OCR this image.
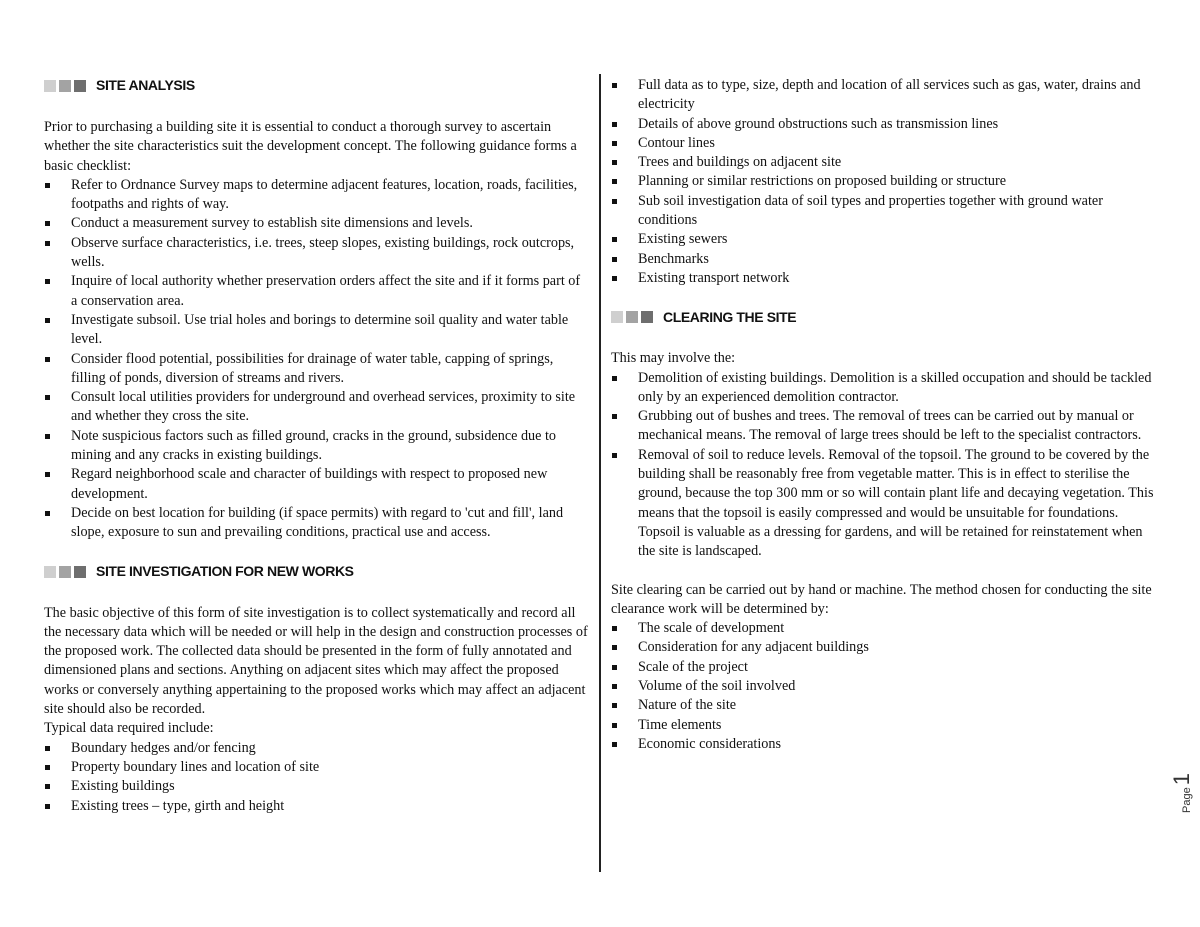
SITE ANALYSIS

Prior to purchasing a building site it is essential to conduct a thorough survey to ascertain whether the site characteristics suit the development concept. The following guidance forms a basic checklist:

Refer to Ordnance Survey maps to determine adjacent features, location, roads, facilities, footpaths and rights of way.
Conduct a measurement survey to establish site dimensions and levels.
Observe surface characteristics, i.e. trees, steep slopes, existing buildings, rock outcrops, wells.
Inquire of local authority whether preservation orders affect the site and if it forms part of a conservation area.
Investigate subsoil. Use trial holes and borings to determine soil quality and water table level.
Consider flood potential, possibilities for drainage of water table, capping of springs, filling of ponds, diversion of streams and rivers.
Consult local utilities providers for underground and overhead services, proximity to site and whether they cross the site.
Note suspicious factors such as filled ground, cracks in the ground, subsidence due to mining and any cracks in existing buildings.
Regard neighborhood scale and character of buildings with respect to proposed new development.
Decide on best location for building (if space permits) with regard to 'cut and fill', land slope, exposure to sun and prevailing conditions, practical use and access.
SITE INVESTIGATION FOR NEW WORKS

The basic objective of this form of site investigation is to collect systematically and record all the necessary data which will be needed or will help in the design and construction processes of the proposed work. The collected data should be presented in the form of fully annotated and dimensioned plans and sections. Anything on adjacent sites which may affect the proposed works or conversely anything appertaining to the proposed works which may affect an adjacent site should also be recorded.

Typical data required include:

Boundary hedges and/or fencing
Property boundary lines and location of site
Existing buildings
Existing trees – type, girth and height
Full data as to type, size, depth and location of all services such as gas, water, drains and electricity
Details of above ground obstructions such as transmission lines
Contour lines
Trees and buildings on adjacent site
Planning or similar restrictions on proposed building or structure
Sub soil investigation data of soil types and properties together with ground water conditions
Existing sewers
Benchmarks
Existing transport network
CLEARING THE SITE

This may involve the:

Demolition of existing buildings. Demolition is a skilled occupation and should be tackled only by an experienced demolition contractor.
Grubbing out of bushes and trees. The removal of trees can be carried out by manual or mechanical means. The removal of large trees should be left to the specialist contractors.
Removal of soil to reduce levels. Removal of the topsoil. The ground to be covered by the building shall be reasonably free from vegetable matter. This is in effect to sterilise the ground, because the top 300 mm or so will contain plant life and decaying vegetation. This means that the topsoil is easily compressed and would be unsuitable for foundations. Topsoil is valuable as a dressing for gardens, and will be retained for reinstatement when the site is landscaped.

Site clearing can be carried out by hand or machine. The method chosen for conducting the site clearance work will be determined by:

The scale of development
Consideration for any adjacent buildings
Scale of the project
Volume of the soil involved
Nature of the site
Time elements
Economic considerations
Page
1
